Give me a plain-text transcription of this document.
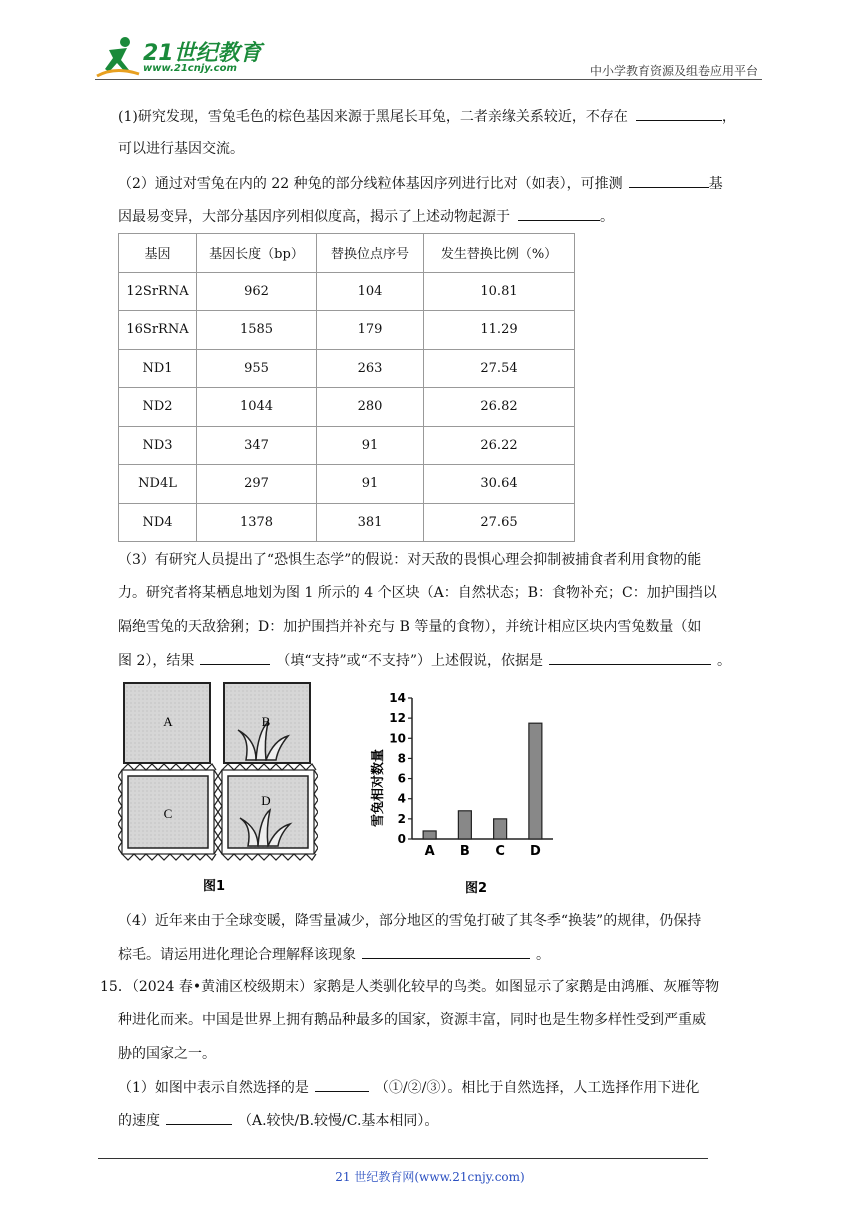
21世纪教育
www.21cnjy.com	中小学教育资源及组卷应用平台
(1)研究发现，雪兔毛色的棕色基因来源于黑尾长耳兔，二者亲缘关系较近，不存在	，
可以进行基因交流。
（2）通过对雪兔在内的 22 种兔的部分线粒体基因序列进行比对（如表），可推测	基
因最易变异，大部分基因序列相似度高，揭示了上述动物起源于	。
基因	基因长度（bp）	替换位点序号	发生替换比例（%）
12SrRNA	962	104	10.81
16SrRNA	1585	179	11.29
ND1	955	263	27.54
ND2	1044	280	26.82
ND3	347	91	26.22
ND4L	297	91	30.64
ND4	1378	381	27.65
（3）有研究人员提出了“恐惧生态学”的假说：对天敌的畏惧心理会抑制被捕食者利用食物的能
力。研究者将某栖息地划为图 1 所示的 4 个区块（A：自然状态；B：食物补充；C：加护围挡以
隔绝雪兔的天敌猞猁；D：加护围挡并补充与 B 等量的食物），并统计相应区块内雪兔数量（如
图 2），结果	（填“支持”或“不支持”）上述假说，依据是	。
A	B
C
D
图1
雪兔相对数量
0
2
4
6
8
10
12
14
A B C D
图2
（4）近年来由于全球变暖，降雪量减少，部分地区的雪兔打破了其冬季“换装”的规律，仍保持
棕毛。请运用进化理论合理解释该现象	。
15．（2024 春•黄浦区校级期末）家鹅是人类驯化较早的鸟类。如图显示了家鹅是由鸿雁、灰雁等物
种进化而来。中国是世界上拥有鹅品种最多的国家，资源丰富，同时也是生物多样性受到严重威
胁的国家之一。
（1）如图中表示自然选择的是	（①/②/③）。相比于自然选择，人工选择作用下进化
的速度	（A.较快/B.较慢/C.基本相同）。
21 世纪教育网(www.21cnjy.com)
